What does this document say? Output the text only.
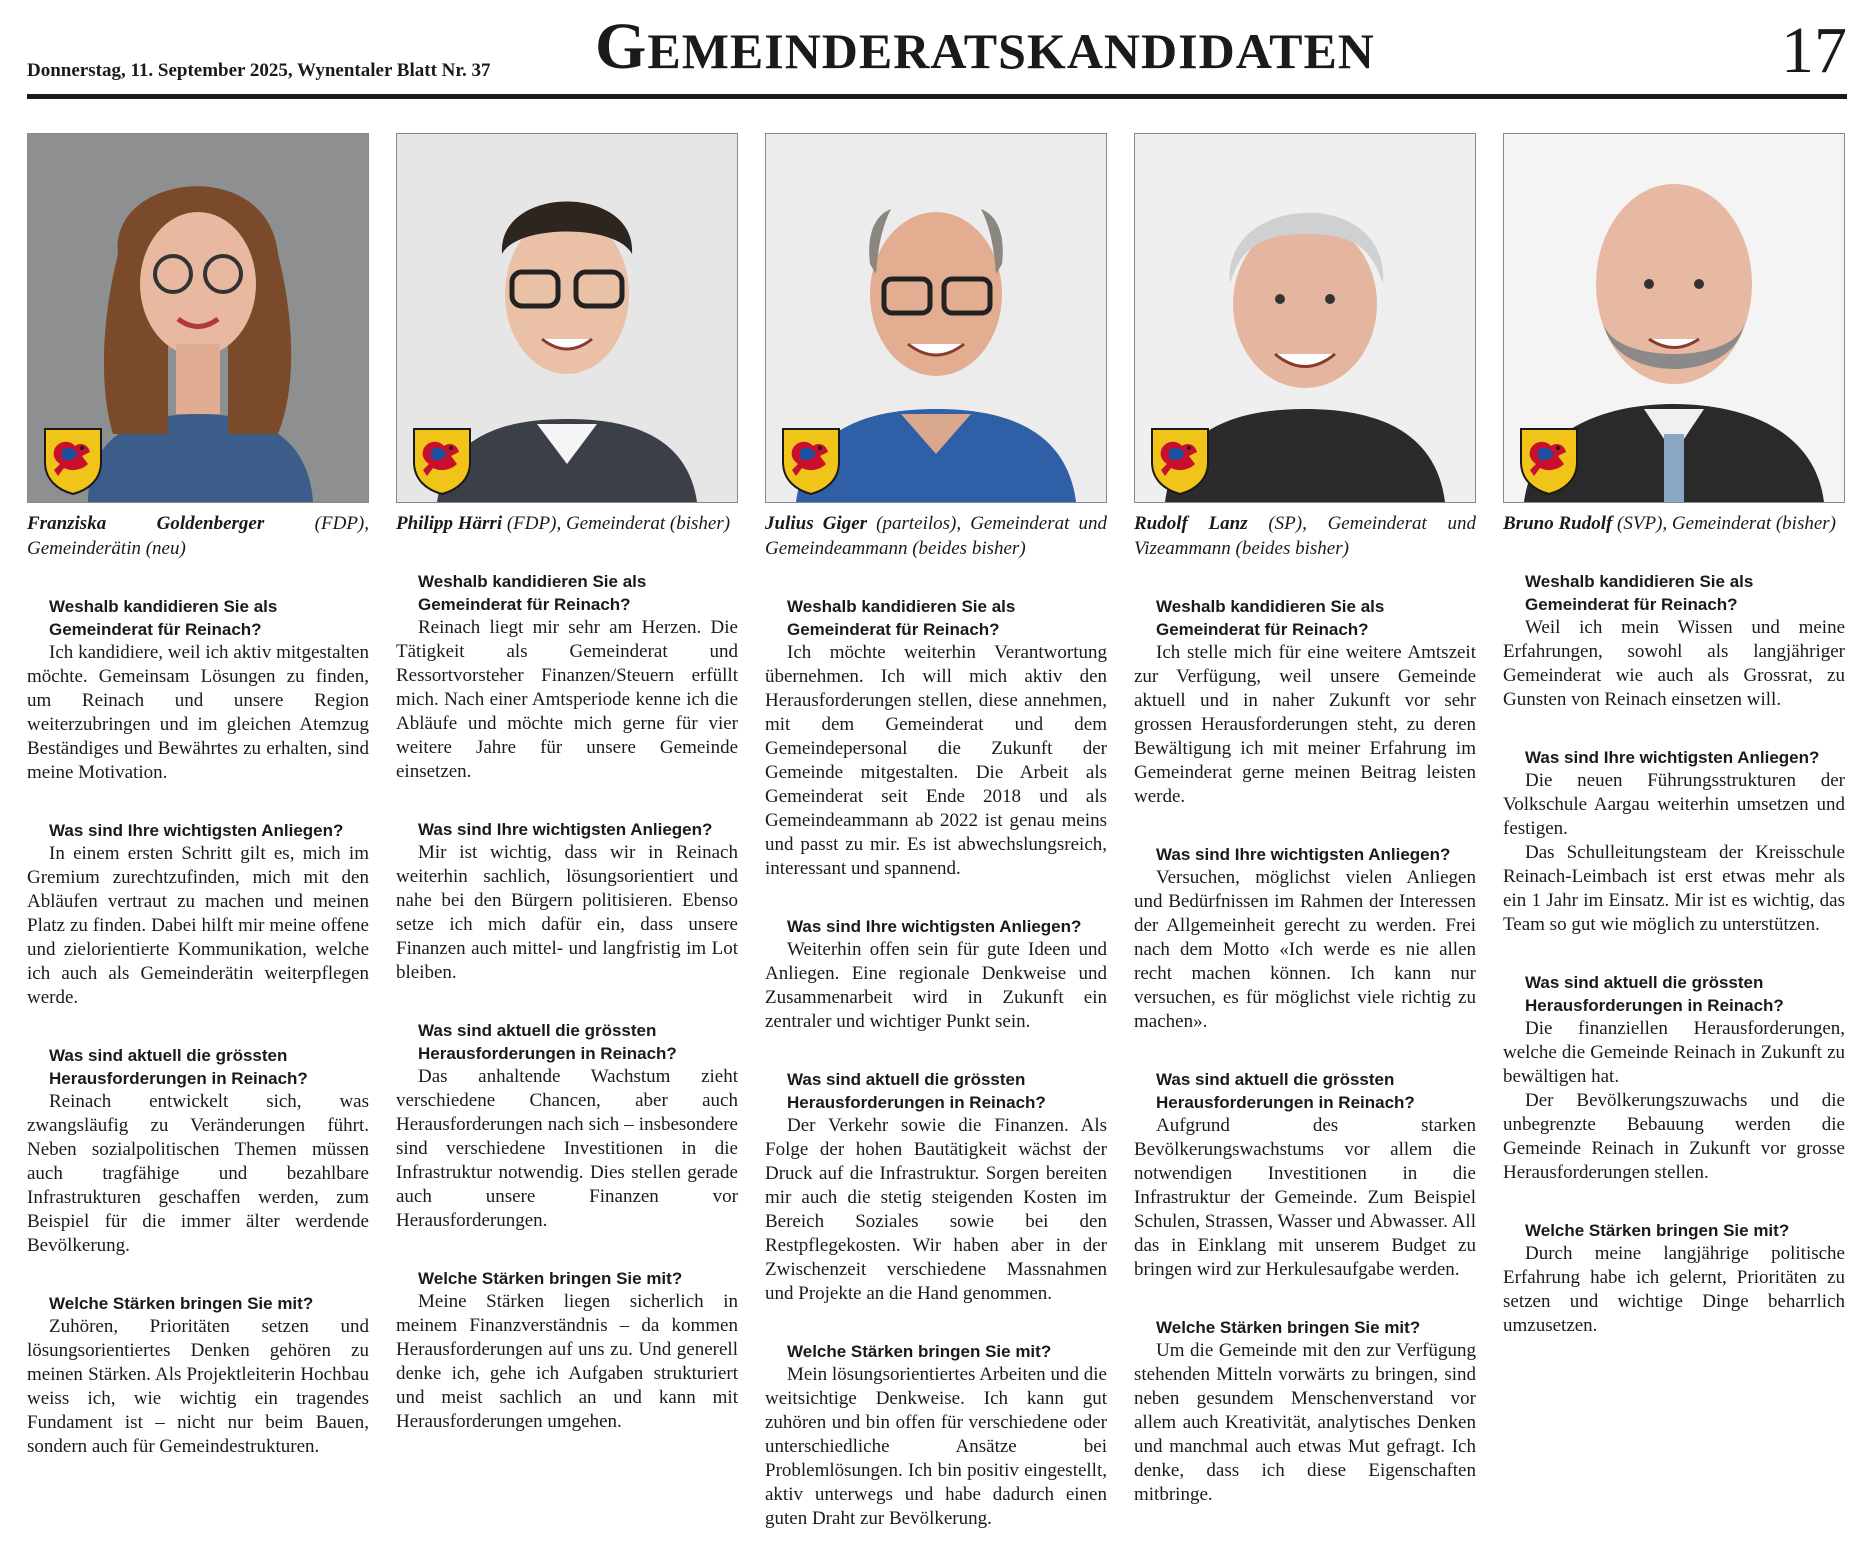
Donnerstag, 11. September 2025, Wynentaler Blatt Nr. 37 GEMEINDERATSKANDIDATEN	17
Franziska Goldenberger (FDP), Gemeinderätin (neu)
Weshalb kandidieren Sie als Gemeinderat für Reinach?
Ich kandidiere, weil ich aktiv mitgestalten möchte. Gemeinsam Lösungen zu finden, um Reinach und unsere Region weiterzubringen und im gleichen Atemzug Beständiges und Bewährtes zu erhalten, sind meine Motivation.
Was sind Ihre wichtigsten Anliegen?
In einem ersten Schritt gilt es, mich im Gremium zurechtzufinden, mich mit den Abläufen vertraut zu machen und meinen Platz zu finden. Dabei hilft mir meine offene und zielorientierte Kommunikation, welche ich auch als Gemeinderätin weiterpflegen werde.
Was sind aktuell die grössten Herausforderungen in Reinach?
Reinach entwickelt sich, was zwangsläufig zu Veränderungen führt. Neben sozialpolitischen Themen müssen auch tragfähige und bezahlbare Infrastrukturen geschaffen werden, zum Beispiel für die immer älter werdende Bevölkerung.
Welche Stärken bringen Sie mit?
Zuhören, Prioritäten setzen und lösungsorientiertes Denken gehören zu meinen Stärken. Als Projektleiterin Hochbau weiss ich, wie wichtig ein tragendes Fundament ist – nicht nur beim Bauen, sondern auch für Gemeindestrukturen.
Philipp Härri (FDP), Gemeinderat (bisher)
Weshalb kandidieren Sie als Gemeinderat für Reinach?
Reinach liegt mir sehr am Herzen. Die Tätigkeit als Gemeinderat und Ressortvorsteher Finanzen/Steuern erfüllt mich. Nach einer Amtsperiode kenne ich die Abläufe und möchte mich gerne für vier weitere Jahre für unsere Gemeinde einsetzen.
Was sind Ihre wichtigsten Anliegen?
Mir ist wichtig, dass wir in Reinach weiterhin sachlich, lösungsorientiert und nahe bei den Bürgern politisieren. Ebenso setze ich mich dafür ein, dass unsere Finanzen auch mittel- und langfristig im Lot bleiben.
Was sind aktuell die grössten Herausforderungen in Reinach?
Das anhaltende Wachstum zieht verschiedene Chancen, aber auch Herausforderungen nach sich – insbesondere sind verschiedene Investitionen in die Infrastruktur notwendig. Dies stellen gerade auch unsere Finanzen vor Herausforderungen.
Welche Stärken bringen Sie mit?
Meine Stärken liegen sicherlich in meinem Finanzverständnis – da kommen Herausforderungen auf uns zu. Und generell denke ich, gehe ich Aufgaben strukturiert und meist sachlich an und kann mit Herausforderungen umgehen.
Julius Giger (parteilos), Gemeinderat und Gemeindeammann (beides bisher)
Weshalb kandidieren Sie als Gemeinderat für Reinach?
Ich möchte weiterhin Verantwortung übernehmen. Ich will mich aktiv den Herausforderungen stellen, diese annehmen, mit dem Gemeinderat und dem Gemeindepersonal die Zukunft der Gemeinde mitgestalten. Die Arbeit als Gemeinderat seit Ende 2018 und als Gemeindeammann ab 2022 ist genau meins und passt zu mir. Es ist abwechslungsreich, interessant und spannend.
Was sind Ihre wichtigsten Anliegen?
Weiterhin offen sein für gute Ideen und Anliegen. Eine regionale Denkweise und Zusammenarbeit wird in Zukunft ein zentraler und wichtiger Punkt sein.
Was sind aktuell die grössten Herausforderungen in Reinach?
Der Verkehr sowie die Finanzen. Als Folge der hohen Bautätigkeit wächst der Druck auf die Infrastruktur. Sorgen bereiten mir auch die stetig steigenden Kosten im Bereich Soziales sowie bei den Restpflegekosten. Wir haben aber in der Zwischenzeit verschiedene Massnahmen und Projekte an die Hand genommen.
Welche Stärken bringen Sie mit?
Mein lösungsorientiertes Arbeiten und die weitsichtige Denkweise. Ich kann gut zuhören und bin offen für verschiedene oder unterschiedliche Ansätze bei Problemlösungen. Ich bin positiv eingestellt, aktiv unterwegs und habe dadurch einen guten Draht zur Bevölkerung.
Rudolf Lanz (SP), Gemeinderat und Vizeammann (beides bisher)
Weshalb kandidieren Sie als Gemeinderat für Reinach?
Ich stelle mich für eine weitere Amtszeit zur Verfügung, weil unsere Gemeinde aktuell und in naher Zukunft vor sehr grossen Herausforderungen steht, zu deren Bewältigung ich mit meiner Erfahrung im Gemeinderat gerne meinen Beitrag leisten werde.
Was sind Ihre wichtigsten Anliegen?
Versuchen, möglichst vielen Anliegen und Bedürfnissen im Rahmen der Interessen der Allgemeinheit gerecht zu werden. Frei nach dem Motto «Ich werde es nie allen recht machen können. Ich kann nur versuchen, es für möglichst viele richtig zu machen».
Was sind aktuell die grössten Herausforderungen in Reinach?
Aufgrund des starken Bevölkerungswachstums vor allem die notwendigen Investitionen in die Infrastruktur der Gemeinde. Zum Beispiel Schulen, Strassen, Wasser und Abwasser. All das in Einklang mit unserem Budget zu bringen wird zur Herkulesaufgabe werden.
Welche Stärken bringen Sie mit?
Um die Gemeinde mit den zur Verfügung stehenden Mitteln vorwärts zu bringen, sind neben gesundem Menschenverstand vor allem auch Kreativität, analytisches Denken und manchmal auch etwas Mut gefragt. Ich denke, dass ich diese Eigenschaften mitbringe.
Bruno Rudolf (SVP), Gemeinderat (bisher)
Weshalb kandidieren Sie als Gemeinderat für Reinach?
Weil ich mein Wissen und meine Erfahrungen, sowohl als langjähriger Gemeinderat wie auch als Grossrat, zu Gunsten von Reinach einsetzen will.
Was sind Ihre wichtigsten Anliegen?
Die neuen Führungsstrukturen der Volkschule Aargau weiterhin umsetzen und festigen.
Das Schulleitungsteam der Kreisschule Reinach-Leimbach ist erst etwas mehr als ein 1 Jahr im Einsatz. Mir ist es wichtig, das Team so gut wie möglich zu unterstützen.
Was sind aktuell die grössten Herausforderungen in Reinach?
Die finanziellen Herausforderungen, welche die Gemeinde Reinach in Zukunft zu bewältigen hat.
Der Bevölkerungszuwachs und die unbegrenzte Bebauung werden die Gemeinde Reinach in Zukunft vor grosse Herausforderungen stellen.
Welche Stärken bringen Sie mit?
Durch meine langjährige politische Erfahrung habe ich gelernt, Prioritäten zu setzen und wichtige Dinge beharrlich umzusetzen.
